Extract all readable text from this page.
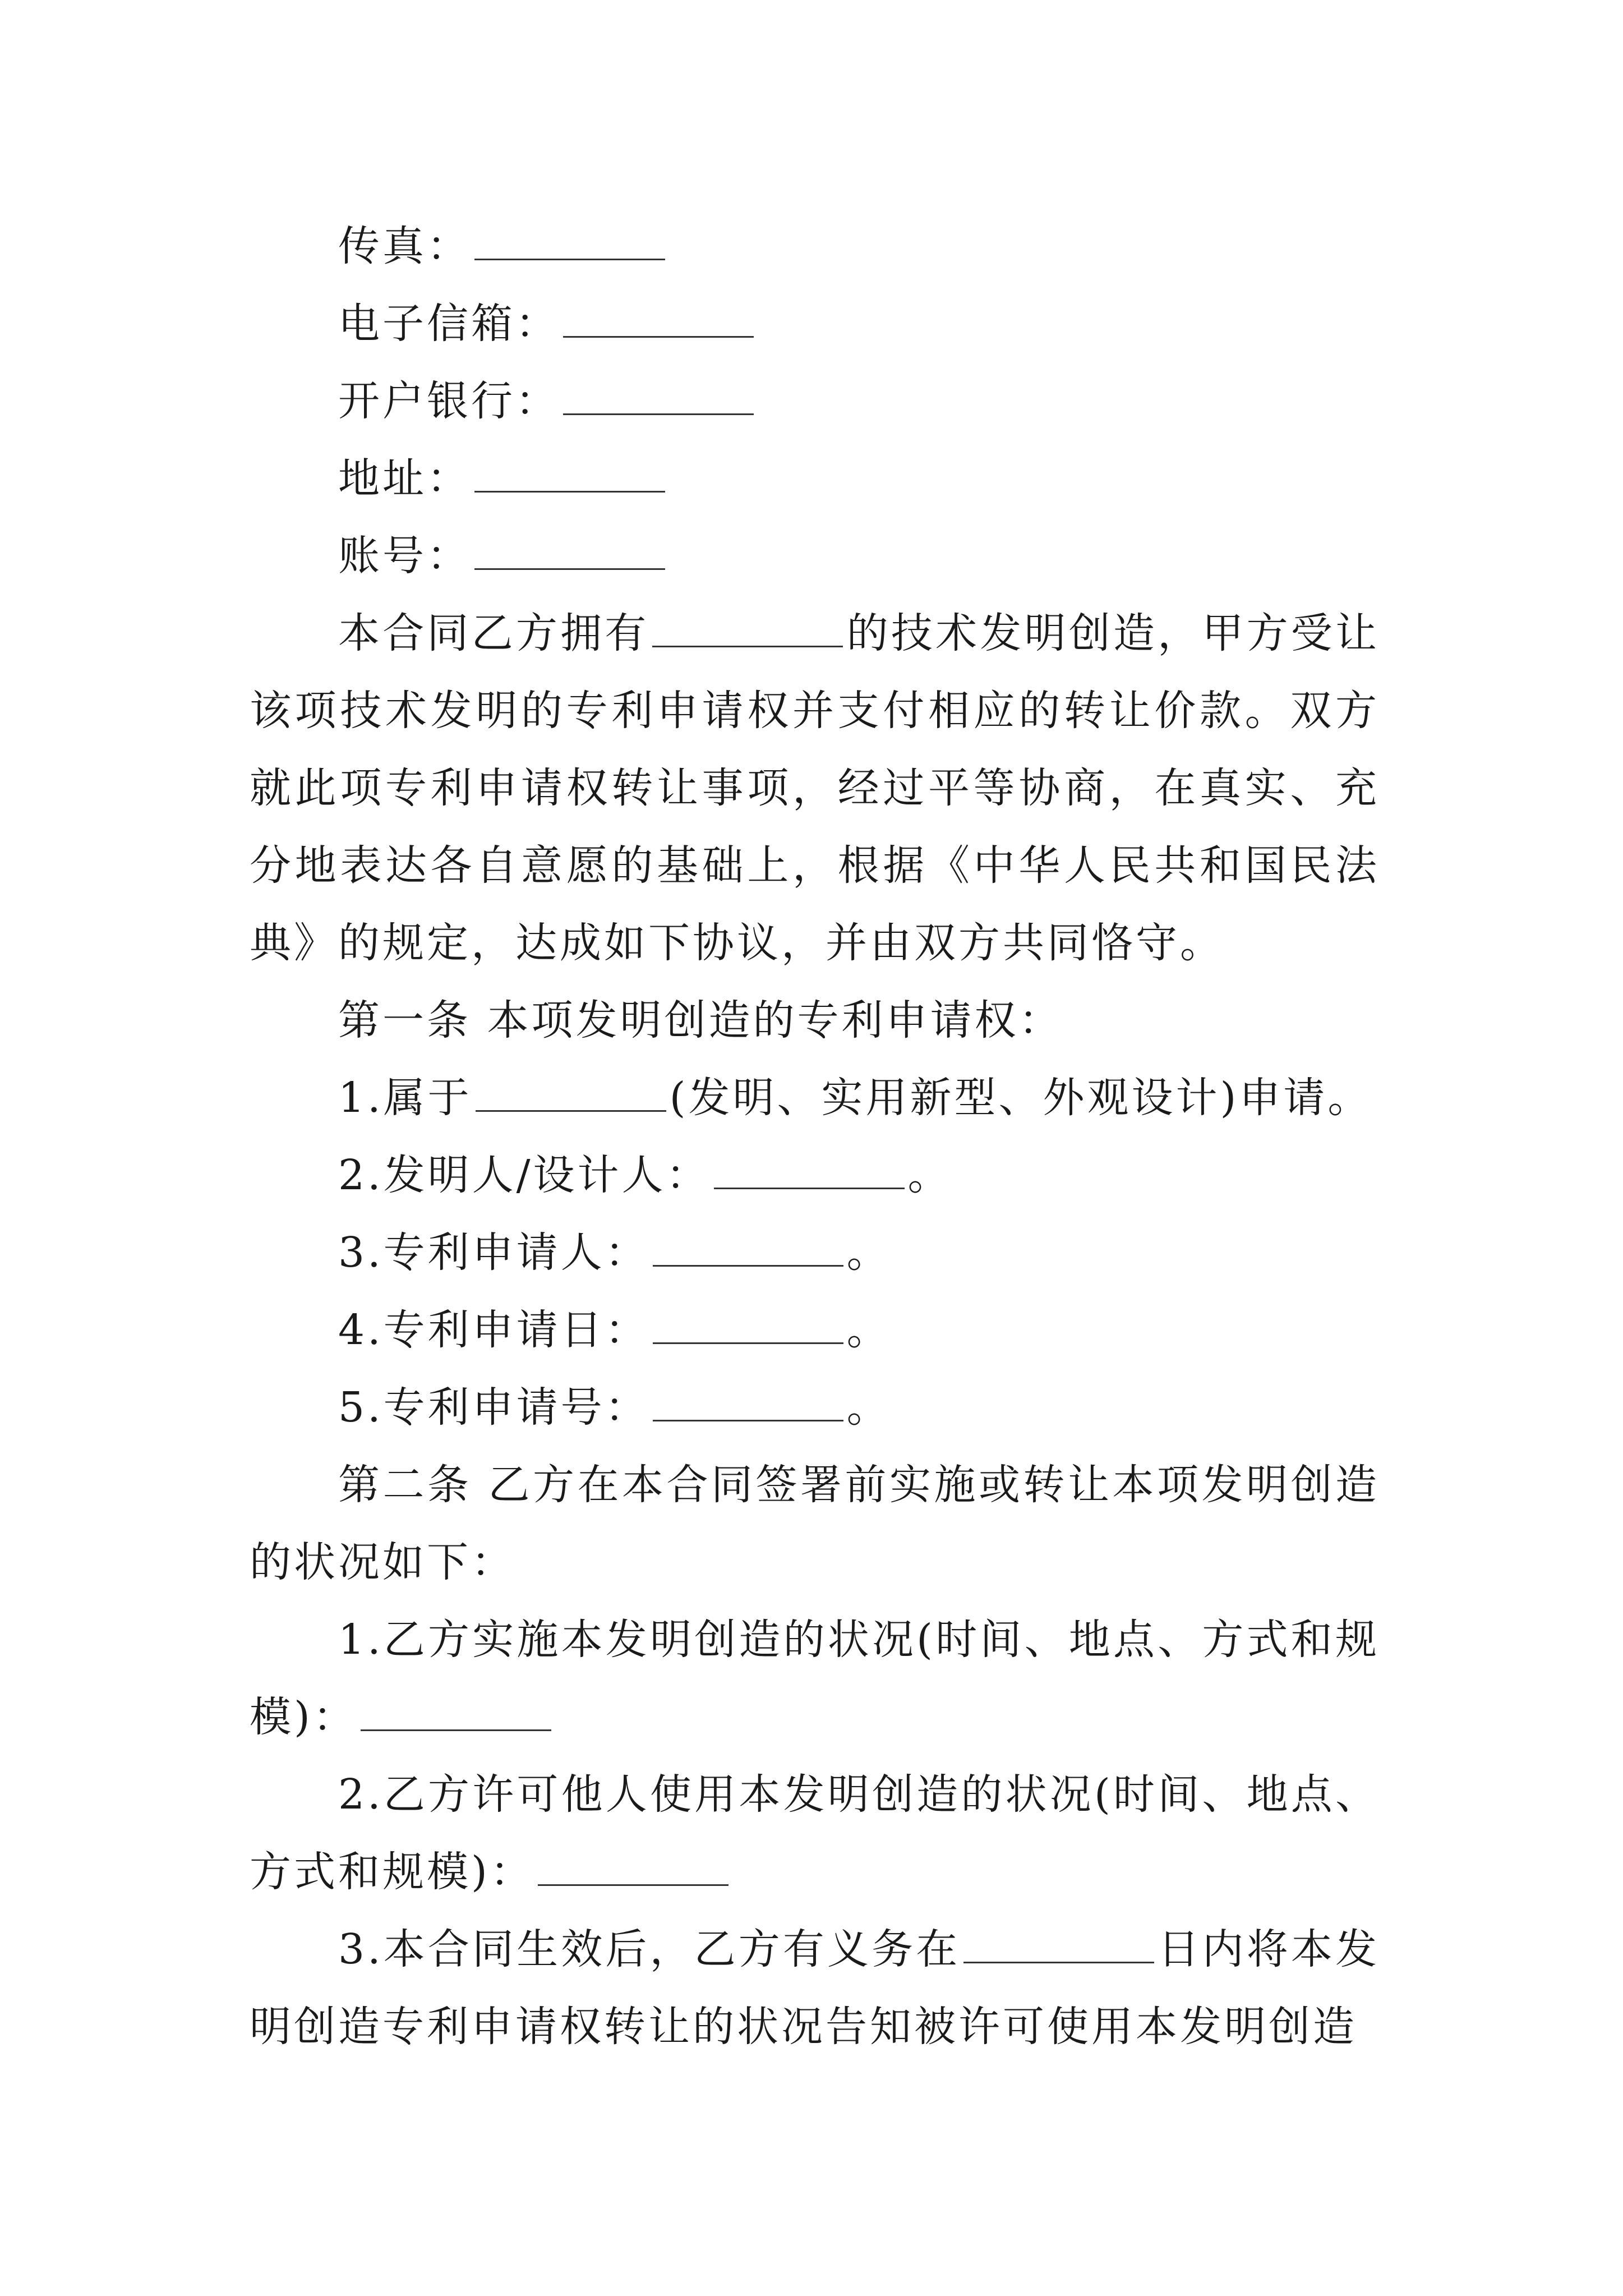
传真：
电子信箱：
开户银行：
地址：
账号：
本合同乙方拥有	的技术发明创造，甲方受让该项技术发明的专利申请权并支付相应的转让价款。双方就此项专利申请权转让事项，经过平等协商，在真实、充分地表达各自意愿的基础上，根据《中华人民共和国民法典》的规定，达成如下协议，并由双方共同恪守。
第一条 本项发明创造的专利申请权：
1.属于	(发明、实用新型、外观设计)申请。
2.发明人/设计人：	。
3.专利申请人：	。
4.专利申请日：	。
5.专利申请号：	。
第二条 乙方在本合同签署前实施或转让本项发明创造的状况如下：
1.乙方实施本发明创造的状况(时间、地点、方式和规模)：
2.乙方许可他人使用本发明创造的状况(时间、地点、方式和规模)：
3.本合同生效后，乙方有义务在	日内将本发明创造专利申请权转让的状况告知被许可使用本发明创造
